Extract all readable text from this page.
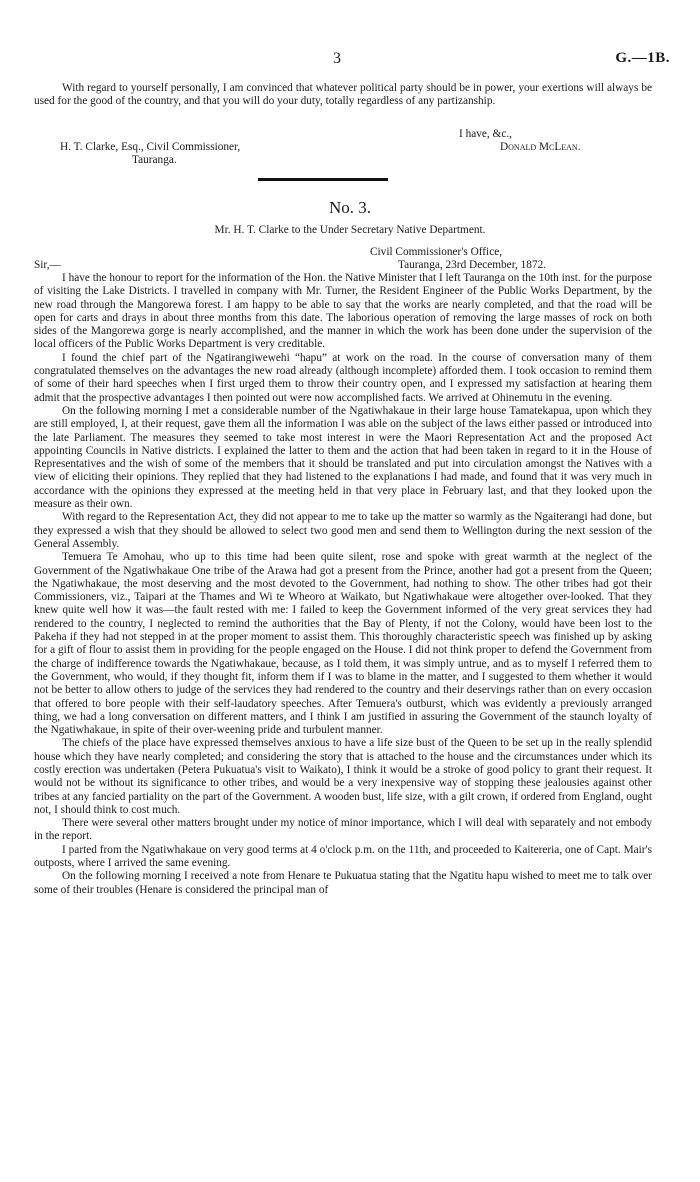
3	G.—1B.

With regard to yourself personally, I am convinced that whatever political party should be in power, your exertions will always be used for the good of the country, and that you will do your duty, totally regardless of any partizanship.

I have, &c.,
Donald McLean.
H. T. Clarke, Esq., Civil Commissioner,
Tauranga.
No. 3.
Mr. H. T. Clarke to the Under Secretary Native Department.
Civil Commissioner's Office,
Tauranga, 23rd December, 1872.
Sir,—

I have the honour to report for the information of the Hon. the Native Minister that I left Tauranga on the 10th inst. for the purpose of visiting the Lake Districts. I travelled in company with Mr. Turner, the Resident Engineer of the Public Works Department, by the new road through the Mangorewa forest. I am happy to be able to say that the works are nearly completed, and that the road will be open for carts and drays in about three months from this date. The laborious operation of removing the large masses of rock on both sides of the Mangorewa gorge is nearly accomplished, and the manner in which the work has been done under the supervision of the local officers of the Public Works Department is very creditable.

I found the chief part of the Ngatirangiwewehi “hapu” at work on the road. In the course of conversation many of them congratulated themselves on the advantages the new road already (although incomplete) afforded them. I took occasion to remind them of some of their hard speeches when I first urged them to throw their country open, and I expressed my satisfaction at hearing them admit that the prospective advantages I then pointed out were now accomplished facts. We arrived at Ohinemutu in the evening.

On the following morning I met a considerable number of the Ngatiwhakaue in their large house Tamatekapua, upon which they are still employed, I, at their request, gave them all the information I was able on the subject of the laws either passed or introduced into the late Parliament. The measures they seemed to take most interest in were the Maori Representation Act and the proposed Act appointing Councils in Native districts. I explained the latter to them and the action that had been taken in regard to it in the House of Representatives and the wish of some of the members that it should be translated and put into circulation amongst the Natives with a view of eliciting their opinions. They replied that they had listened to the explanations I had made, and found that it was very much in accordance with the opinions they expressed at the meeting held in that very place in February last, and that they looked upon the measure as their own.

With regard to the Representation Act, they did not appear to me to take up the matter so warmly as the Ngaiterangi had done, but they expressed a wish that they should be allowed to select two good men and send them to Wellington during the next session of the General Assembly.

Temuera Te Amohau, who up to this time had been quite silent, rose and spoke with great warmth at the neglect of the Government of the Ngatiwhakaue One tribe of the Arawa had got a present from the Prince, another had got a present from the Queen; the Ngatiwhakaue, the most deserving and the most devoted to the Government, had nothing to show. The other tribes had got their Commissioners, viz., Taipari at the Thames and Wi te Wheoro at Waikato, but Ngatiwhakaue were altogether over-looked. That they knew quite well how it was—the fault rested with me: I failed to keep the Government informed of the very great services they had rendered to the country, I neglected to remind the authorities that the Bay of Plenty, if not the Colony, would have been lost to the Pakeha if they had not stepped in at the proper moment to assist them. This thoroughly characteristic speech was finished up by asking for a gift of flour to assist them in providing for the people engaged on the House. I did not think proper to defend the Government from the charge of indifference towards the Ngatiwhakaue, because, as I told them, it was simply untrue, and as to myself I referred them to the Government, who would, if they thought fit, inform them if I was to blame in the matter, and I suggested to them whether it would not be better to allow others to judge of the services they had rendered to the country and their deservings rather than on every occasion that offered to bore people with their self-laudatory speeches. After Temuera's outburst, which was evidently a previously arranged thing, we had a long conversation on different matters, and I think I am justified in assuring the Government of the staunch loyalty of the Ngatiwhakaue, in spite of their over-weening pride and turbulent manner.

The chiefs of the place have expressed themselves anxious to have a life size bust of the Queen to be set up in the really splendid house which they have nearly completed; and considering the story that is attached to the house and the circumstances under which its costly erection was undertaken (Petera Pukuatua's visit to Waikato), I think it would be a stroke of good policy to grant their request. It would not be without its significance to other tribes, and would be a very inexpensive way of stopping these jealousies against other tribes at any fancied partiality on the part of the Government. A wooden bust, life size, with a gilt crown, if ordered from England, ought not, I should think to cost much.

There were several other matters brought under my notice of minor importance, which I will deal with separately and not embody in the report.

I parted from the Ngatiwhakaue on very good terms at 4 o'clock p.m. on the 11th, and proceeded to Kaitereria, one of Capt. Mair's outposts, where I arrived the same evening.

On the following morning I received a note from Henare te Pukuatua stating that the Ngatitu hapu wished to meet me to talk over some of their troubles (Henare is considered the principal man of
